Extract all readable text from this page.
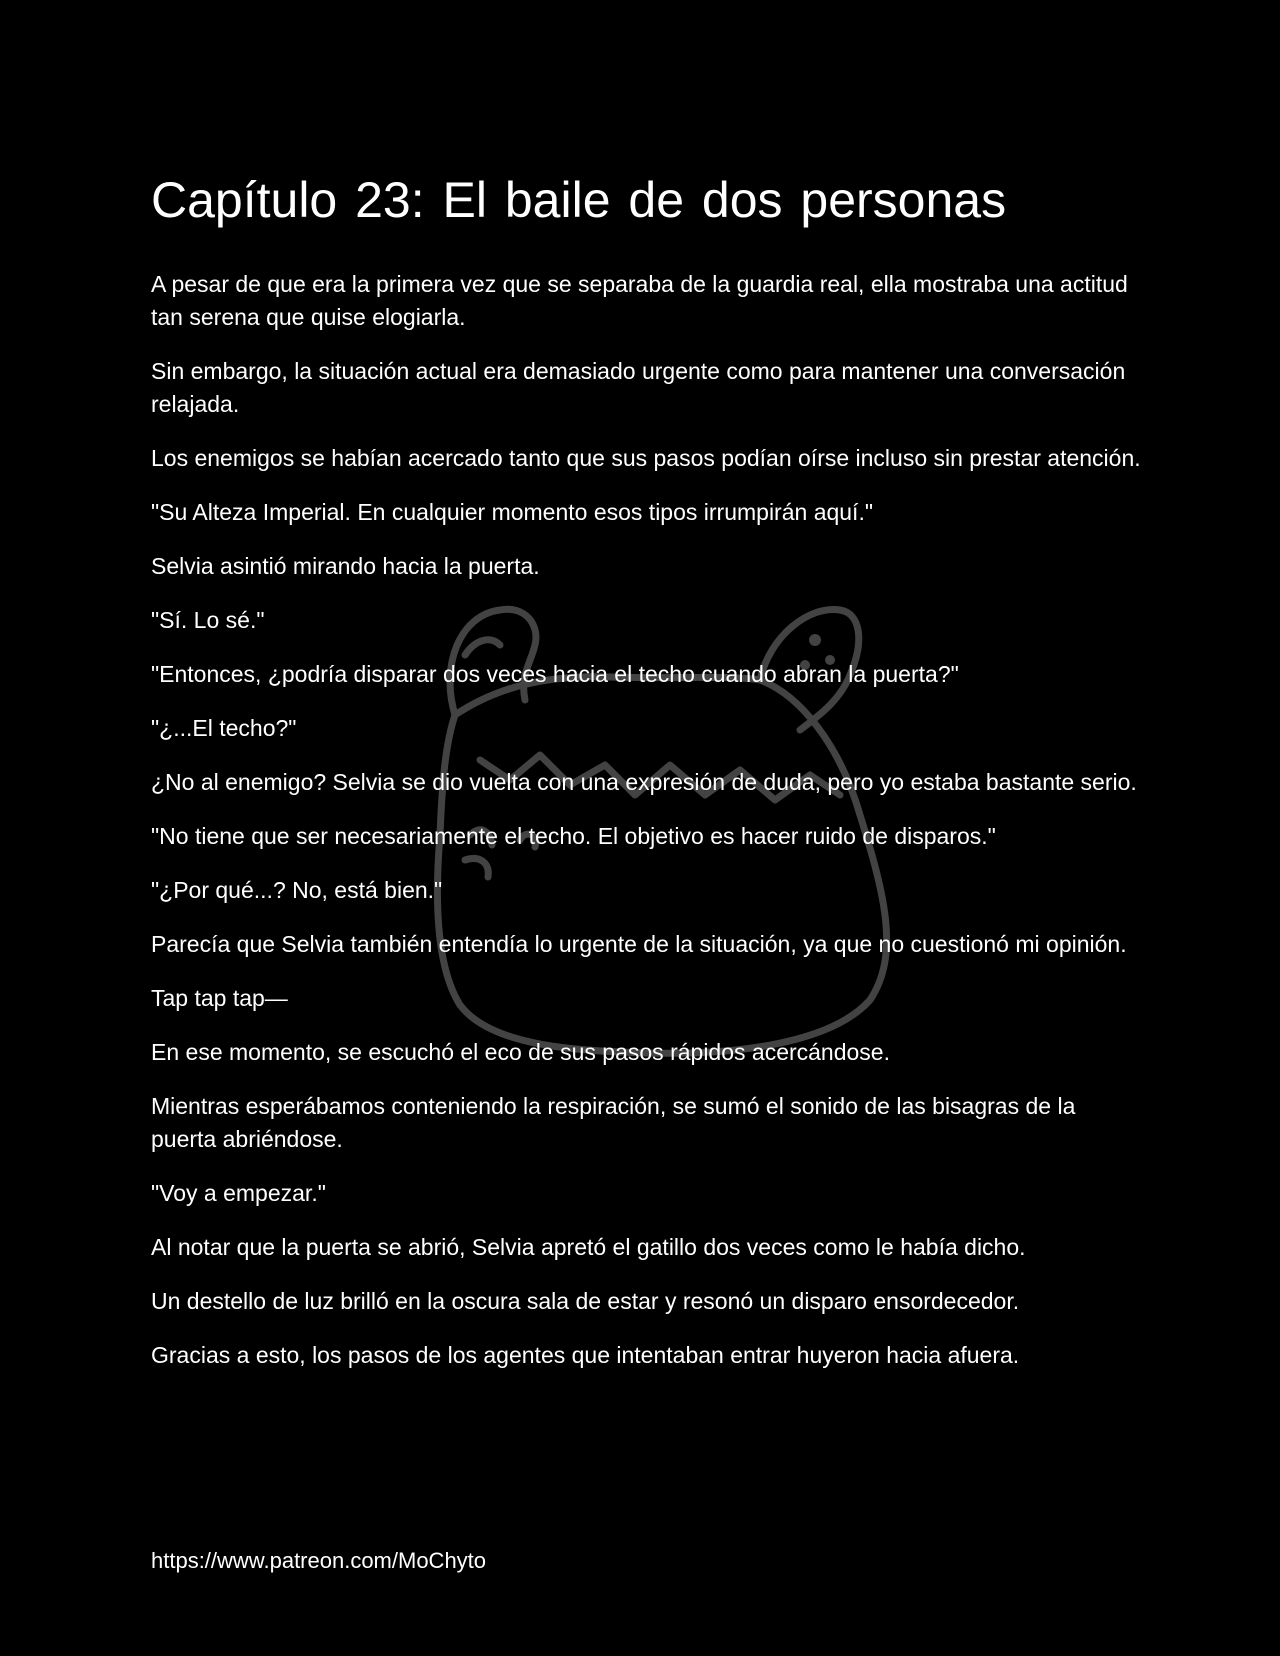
Capítulo 23: El baile de dos personas

A pesar de que era la primera vez que se separaba de la guardia real, ella mostraba una actitud tan serena que quise elogiarla.

Sin embargo, la situación actual era demasiado urgente como para mantener una conversación relajada.

Los enemigos se habían acercado tanto que sus pasos podían oírse incluso sin prestar atención.

"Su Alteza Imperial. En cualquier momento esos tipos irrumpirán aquí."

Selvia asintió mirando hacia la puerta.

"Sí. Lo sé."

"Entonces, ¿podría disparar dos veces hacia el techo cuando abran la puerta?"

"¿...El techo?"

¿No al enemigo? Selvia se dio vuelta con una expresión de duda, pero yo estaba bastante serio.

"No tiene que ser necesariamente el techo. El objetivo es hacer ruido de disparos."

"¿Por qué...? No, está bien."

Parecía que Selvia también entendía lo urgente de la situación, ya que no cuestionó mi opinión.

Tap tap tap—

En ese momento, se escuchó el eco de sus pasos rápidos acercándose.

Mientras esperábamos conteniendo la respiración, se sumó el sonido de las bisagras de la puerta abriéndose.

"Voy a empezar."

Al notar que la puerta se abrió, Selvia apretó el gatillo dos veces como le había dicho.

Un destello de luz brilló en la oscura sala de estar y resonó un disparo ensordecedor.

Gracias a esto, los pasos de los agentes que intentaban entrar huyeron hacia afuera.

https://www.patreon.com/MoChyto
